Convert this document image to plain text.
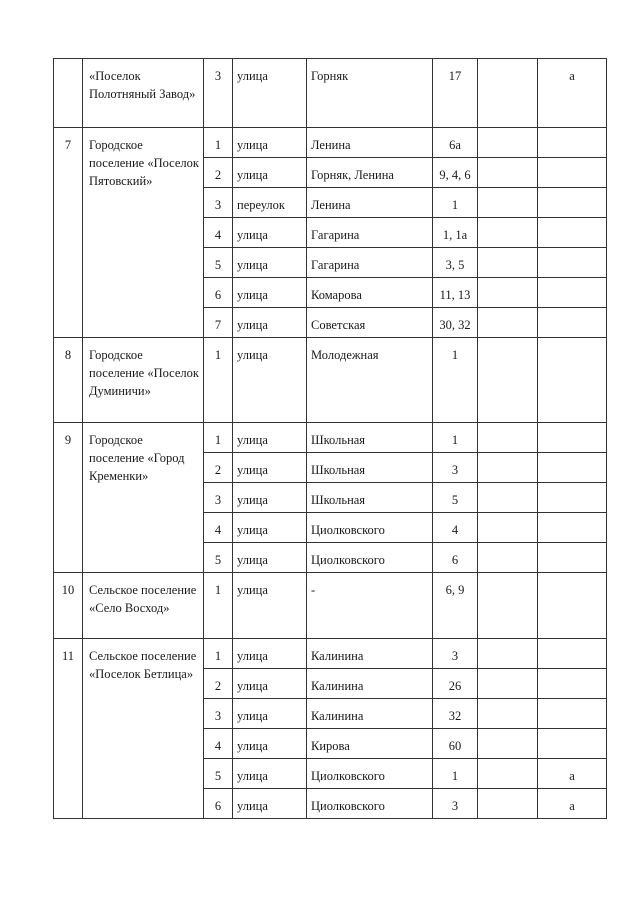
	«Поселок Полотняный Завод»	3	улица	Горняк	17		а
7	Городское поселение «Поселок Пятовский»	1	улица	Ленина	6а		
		2	улица	Горняк, Ленина	9, 4, 6		
		3	переулок	Ленина	1		
		4	улица	Гагарина	1, 1а		
		5	улица	Гагарина	3, 5		
		6	улица	Комарова	11, 13		
		7	улица	Советская	30, 32		
8	Городское поселение «Поселок Думиничи»	1	улица	Молодежная	1		
9	Городское поселение «Город Кременки»	1	улица	Школьная	1		
		2	улица	Школьная	3		
		3	улица	Школьная	5		
		4	улица	Циолковского	4		
		5	улица	Циолковского	6		
10	Сельское поселение «Село Восход»	1	улица	-	6, 9		
11	Сельское поселение «Поселок Бетлица»	1	улица	Калинина	3		
		2	улица	Калинина	26		
		3	улица	Калинина	32		
		4	улица	Кирова	60		
		5	улица	Циолковского	1		а
		6	улица	Циолковского	3		а
